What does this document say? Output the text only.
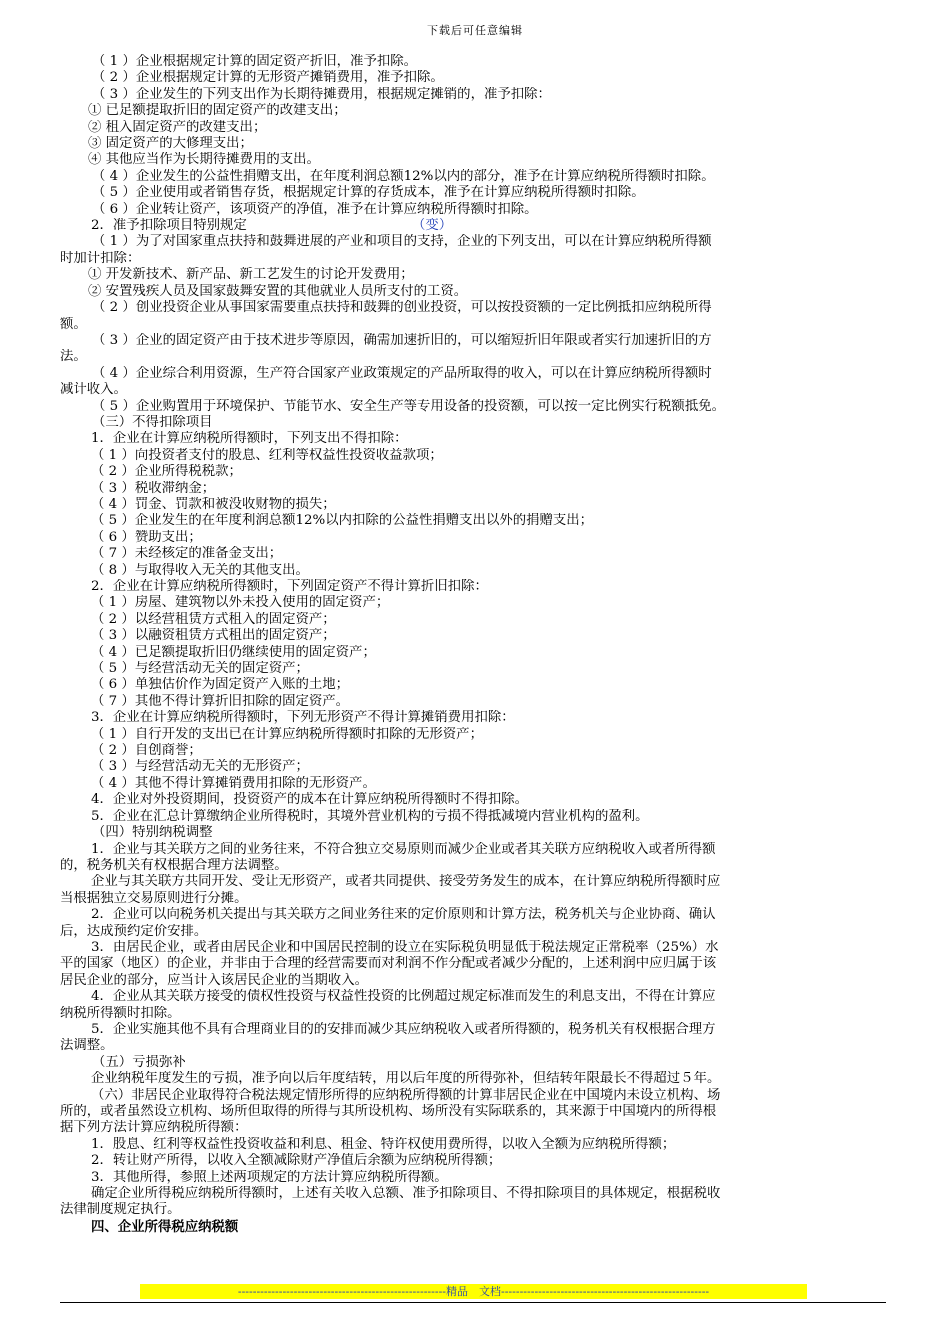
下载后可任意编辑
（ 1 ）企业根据规定计算的固定资产折旧，准予扣除。
（ 2 ）企业根据规定计算的无形资产摊销费用，准予扣除。
（ 3 ）企业发生的下列支出作为长期待摊费用，根据规定摊销的，准予扣除：
① 已足额提取折旧的固定资产的改建支出；
② 租入固定资产的改建支出；
③ 固定资产的大修理支出；
④ 其他应当作为长期待摊费用的支出。
（ 4 ）企业发生的公益性捐赠支出，在年度利润总额12%以内的部分，准予在计算应纳税所得额时扣除。
（ 5 ）企业使用或者销售存货，根据规定计算的存货成本，准予在计算应纳税所得额时扣除。
（ 6 ）企业转让资产，该项资产的净值，准予在计算应纳税所得额时扣除。
2．准予扣除项目特别规定	（变）
（ 1 ）为了对国家重点扶持和鼓舞进展的产业和项目的支持，企业的下列支出，可以在计算应纳税所得额
时加计扣除：
① 开发新技术、新产品、新工艺发生的讨论开发费用；
② 安置残疾人员及国家鼓舞安置的其他就业人员所支付的工资。
（ 2 ）创业投资企业从事国家需要重点扶持和鼓舞的创业投资，可以按投资额的一定比例抵扣应纳税所得
额。
（ 3 ）企业的固定资产由于技术进步等原因，确需加速折旧的，可以缩短折旧年限或者实行加速折旧的方
法。
（ 4 ）企业综合利用资源，生产符合国家产业政策规定的产品所取得的收入，可以在计算应纳税所得额时
减计收入。
（ 5 ）企业购置用于环境保护、节能节水、安全生产等专用设备的投资额，可以按一定比例实行税额抵免。
（三）不得扣除项目
1．企业在计算应纳税所得额时，下列支出不得扣除：
（ 1 ）向投资者支付的股息、红利等权益性投资收益款项；
（ 2 ）企业所得税税款；
（ 3 ）税收滞纳金；
（ 4 ）罚金、罚款和被没收财物的损失；
（ 5 ）企业发生的在年度利润总额12%以内扣除的公益性捐赠支出以外的捐赠支出；
（ 6 ）赞助支出；
（ 7 ）未经核定的准备金支出；
（ 8 ）与取得收入无关的其他支出。
2．企业在计算应纳税所得额时，下列固定资产不得计算折旧扣除：
（ 1 ）房屋、建筑物以外未投入使用的固定资产；
（ 2 ）以经营租赁方式租入的固定资产；
（ 3 ）以融资租赁方式租出的固定资产；
（ 4 ）已足额提取折旧仍继续使用的固定资产；
（ 5 ）与经营活动无关的固定资产；
（ 6 ）单独估价作为固定资产入账的土地；
（ 7 ）其他不得计算折旧扣除的固定资产。
3．企业在计算应纳税所得额时，下列无形资产不得计算摊销费用扣除：
（ 1 ）自行开发的支出已在计算应纳税所得额时扣除的无形资产；
（ 2 ）自创商誉；
（ 3 ）与经营活动无关的无形资产；
（ 4 ）其他不得计算摊销费用扣除的无形资产。
4．企业对外投资期间，投资资产的成本在计算应纳税所得额时不得扣除。
5．企业在汇总计算缴纳企业所得税时，其境外营业机构的亏损不得抵减境内营业机构的盈利。
（四）特别纳税调整
1．企业与其关联方之间的业务往来，不符合独立交易原则而减少企业或者其关联方应纳税收入或者所得额
的，税务机关有权根据合理方法调整。
企业与其关联方共同开发、受让无形资产，或者共同提供、接受劳务发生的成本，在计算应纳税所得额时应
当根据独立交易原则进行分摊。
2．企业可以向税务机关提出与其关联方之间业务往来的定价原则和计算方法，税务机关与企业协商、确认
后，达成预约定价安排。
3．由居民企业，或者由居民企业和中国居民控制的设立在实际税负明显低于税法规定正常税率（25%）水
平的国家（地区）的企业，并非由于合理的经营需要而对利润不作分配或者减少分配的，上述利润中应归属于该
居民企业的部分，应当计入该居民企业的当期收入。
4．企业从其关联方接受的债权性投资与权益性投资的比例超过规定标准而发生的利息支出，不得在计算应
纳税所得额时扣除。
5．企业实施其他不具有合理商业目的的安排而减少其应纳税收入或者所得额的，税务机关有权根据合理方
法调整。
（五）亏损弥补
企业纳税年度发生的亏损，准予向以后年度结转，用以后年度的所得弥补，但结转年限最长不得超过５年。
（六）非居民企业取得符合税法规定情形所得的应纳税所得额的计算非居民企业在中国境内未设立机构、场
所的，或者虽然设立机构、场所但取得的所得与其所设机构、场所没有实际联系的，其来源于中国境内的所得根
据下列方法计算应纳税所得额：
1．股息、红利等权益性投资收益和利息、租金、特许权使用费所得，以收入全额为应纳税所得额；
2．转让财产所得，以收入全额减除财产净值后余额为应纳税所得额；
3．其他所得，参照上述两项规定的方法计算应纳税所得额。
确定企业所得税应纳税所得额时，上述有关收入总额、准予扣除项目、不得扣除项目的具体规定，根据税收
法律制度规定执行。
四、企业所得税应纳税额
--------------------------------------------------------精品　文档--------------------------------------------------------
